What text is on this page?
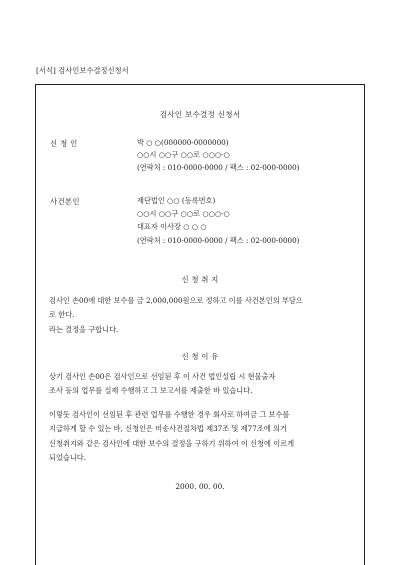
[서식] 검사인보수결정신청서
검사인 보수결정 신청서
신 청 인	박 ○ ○(000000-0000000)
○○시 ○○구 ○○로 ○○○-○
(연락처 : 010-0000-0000 / 팩스 : 02-000-0000)
사건본인	재단법인 ○○ (등록번호)
○○시 ○○구 ○○로 ○○○-○
대표자 이사장 ○ ○ ○
(연락처 : 010-0000-0000 / 팩스 : 02-000-0000)
신 청 취 지
검사인 손00에 대한 보수를 금 2,000,000원으로 정하고 이를 사건본인의 부담으
로 한다.
라는 결정을 구합니다.
신 청 이 유
상기 검사인 손00은 검사인으로 선임된 후 이 사건 법인설립 시 현물출자
조사 등의 업무를 실제 수행하고 그 보고서를 제출한 바 있습니다.
이렇듯 검사인이 선임된 후 관련 업무를 수행한 경우 회사로 하여금 그 보수를
지급하게 할 수 있는 바, 신청인은 비송사건절차법 제37조 및 제77조에 의거
신청취지와 같은 검사인에 대한 보수의 결정을 구하기 위하여 이 신청에 이르게
되었습니다.
2000. 00. 00.
